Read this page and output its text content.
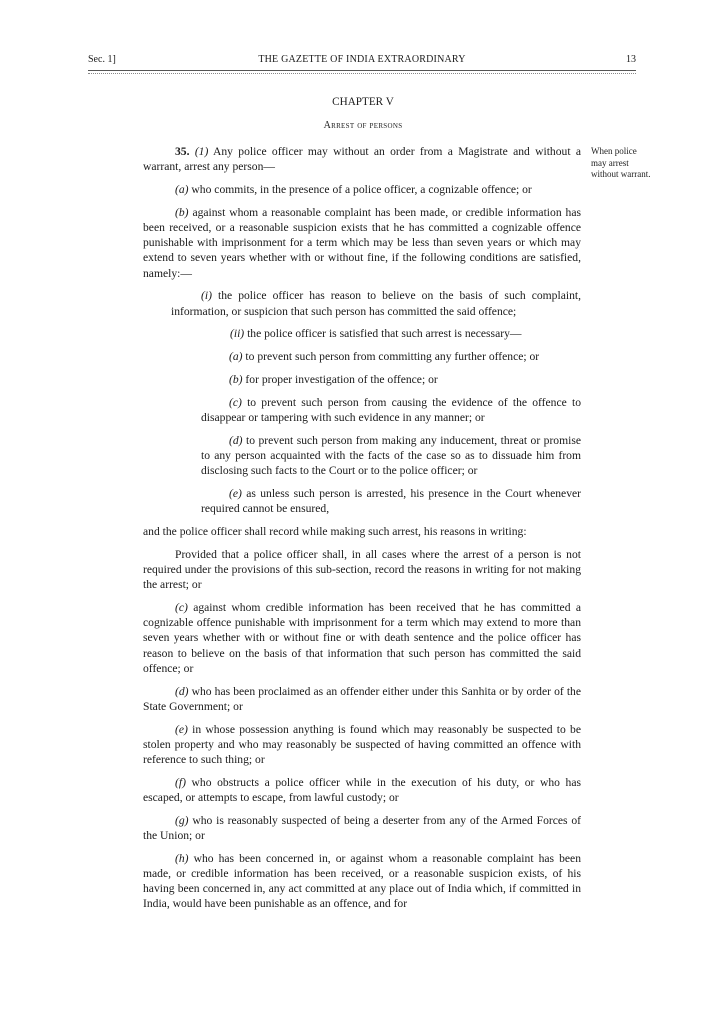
Sec. 1]	THE GAZETTE OF INDIA EXTRAORDINARY	13
CHAPTER V
Arrest of persons
When police may arrest without warrant.

35. (1) Any police officer may without an order from a Magistrate and without a warrant, arrest any person—

(a) who commits, in the presence of a police officer, a cognizable offence; or

(b) against whom a reasonable complaint has been made, or credible information has been received, or a reasonable suspicion exists that he has committed a cognizable offence punishable with imprisonment for a term which may be less than seven years or which may extend to seven years whether with or without fine, if the following conditions are satisfied, namely:—

(i) the police officer has reason to believe on the basis of such complaint, information, or suspicion that such person has committed the said offence;

(ii) the police officer is satisfied that such arrest is necessary—

(a) to prevent such person from committing any further offence; or

(b) for proper investigation of the offence; or

(c) to prevent such person from causing the evidence of the offence to disappear or tampering with such evidence in any manner; or

(d) to prevent such person from making any inducement, threat or promise to any person acquainted with the facts of the case so as to dissuade him from disclosing such facts to the Court or to the police officer; or

(e) as unless such person is arrested, his presence in the Court whenever required cannot be ensured,

and the police officer shall record while making such arrest, his reasons in writing:

Provided that a police officer shall, in all cases where the arrest of a person is not required under the provisions of this sub-section, record the reasons in writing for not making the arrest; or

(c) against whom credible information has been received that he has committed a cognizable offence punishable with imprisonment for a term which may extend to more than seven years whether with or without fine or with death sentence and the police officer has reason to believe on the basis of that information that such person has committed the said offence; or

(d) who has been proclaimed as an offender either under this Sanhita or by order of the State Government; or

(e) in whose possession anything is found which may reasonably be suspected to be stolen property and who may reasonably be suspected of having committed an offence with reference to such thing; or

(f) who obstructs a police officer while in the execution of his duty, or who has escaped, or attempts to escape, from lawful custody; or

(g) who is reasonably suspected of being a deserter from any of the Armed Forces of the Union; or

(h) who has been concerned in, or against whom a reasonable complaint has been made, or credible information has been received, or a reasonable suspicion exists, of his having been concerned in, any act committed at any place out of India which, if committed in India, would have been punishable as an offence, and for
